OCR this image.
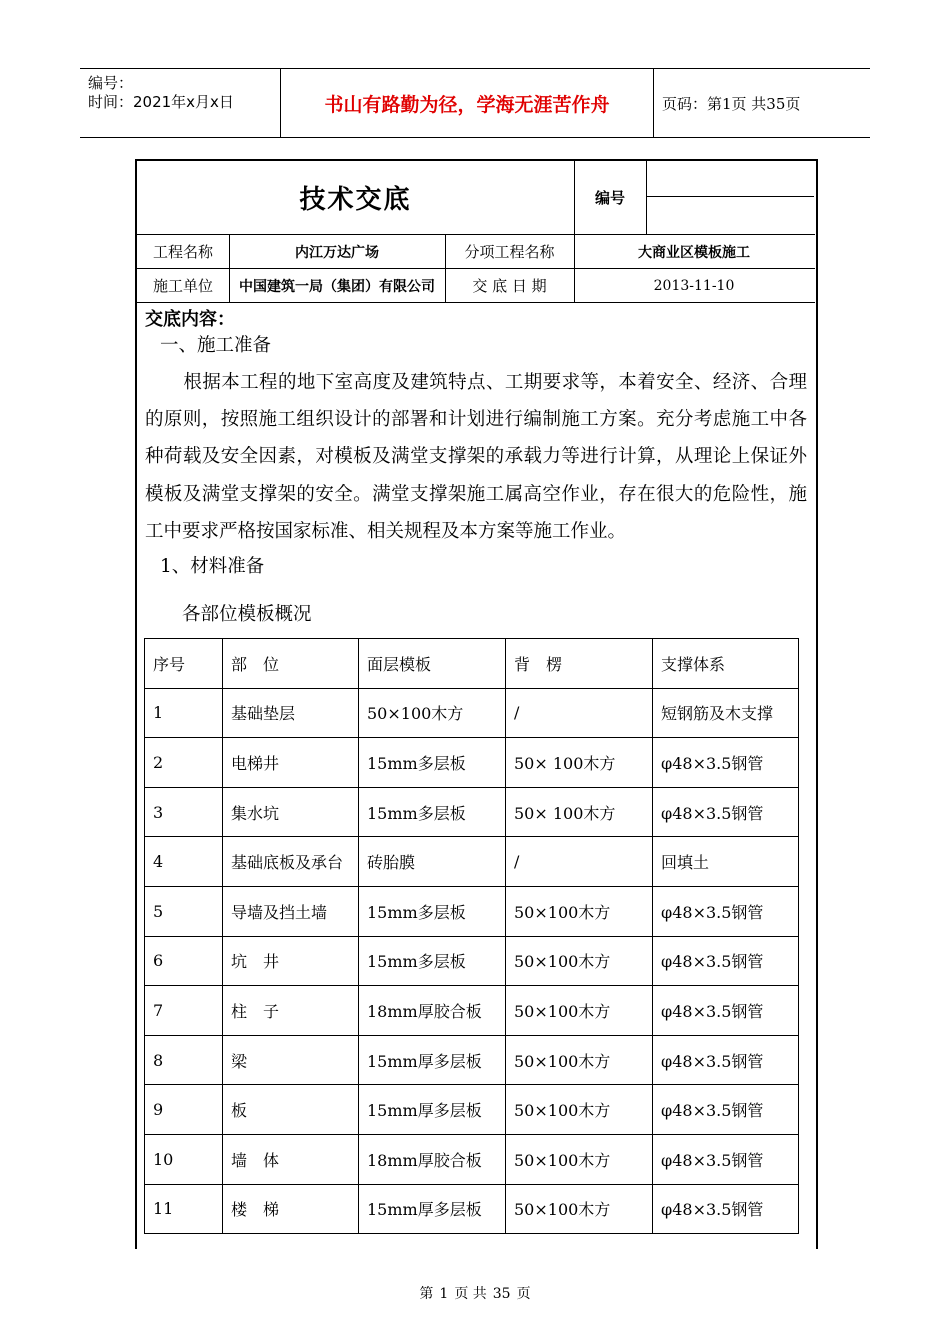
编号：
时间：2021年x月x日	书山有路勤为径，学海无涯苦作舟	页码：第1页 共35页
技术交底	编号
工程名称	内江万达广场	分项工程名称	大商业区模板施工
施工单位	中国建筑一局（集团）有限公司	交 底 日 期	2013-11-10
交底内容：
一、施工准备
根据本工程的地下室高度及建筑特点、工期要求等，本着安全、经济、合理的原则，按照施工组织设计的部署和计划进行编制施工方案。充分考虑施工中各种荷载及安全因素，对模板及满堂支撑架的承载力等进行计算，从理论上保证外模板及满堂支撑架的安全。满堂支撑架施工属高空作业，存在很大的危险性，施工中要求严格按国家标准、相关规程及本方案等施工作业。
1、材料准备
各部位模板概况
序号	部　位	面层模板	背　楞	支撑体系
1	基础垫层	50×100木方	/	短钢筋及木支撑
2	电梯井	15mm多层板	50× 100木方	φ48×3.5钢管
3	集水坑	15mm多层板	50× 100木方	φ48×3.5钢管
4	基础底板及承台	砖胎膜	/	回填土
5	导墙及挡土墙	15mm多层板	50×100木方	φ48×3.5钢管
6	坑　井	15mm多层板	50×100木方	φ48×3.5钢管
7	柱　子	18mm厚胶合板	50×100木方	φ48×3.5钢管
8	梁	15mm厚多层板	50×100木方	φ48×3.5钢管
9	板	15mm厚多层板	50×100木方	φ48×3.5钢管
10	墙　体	18mm厚胶合板	50×100木方	φ48×3.5钢管
11	楼　梯	15mm厚多层板	50×100木方	φ48×3.5钢管
第 1 页 共 35 页
